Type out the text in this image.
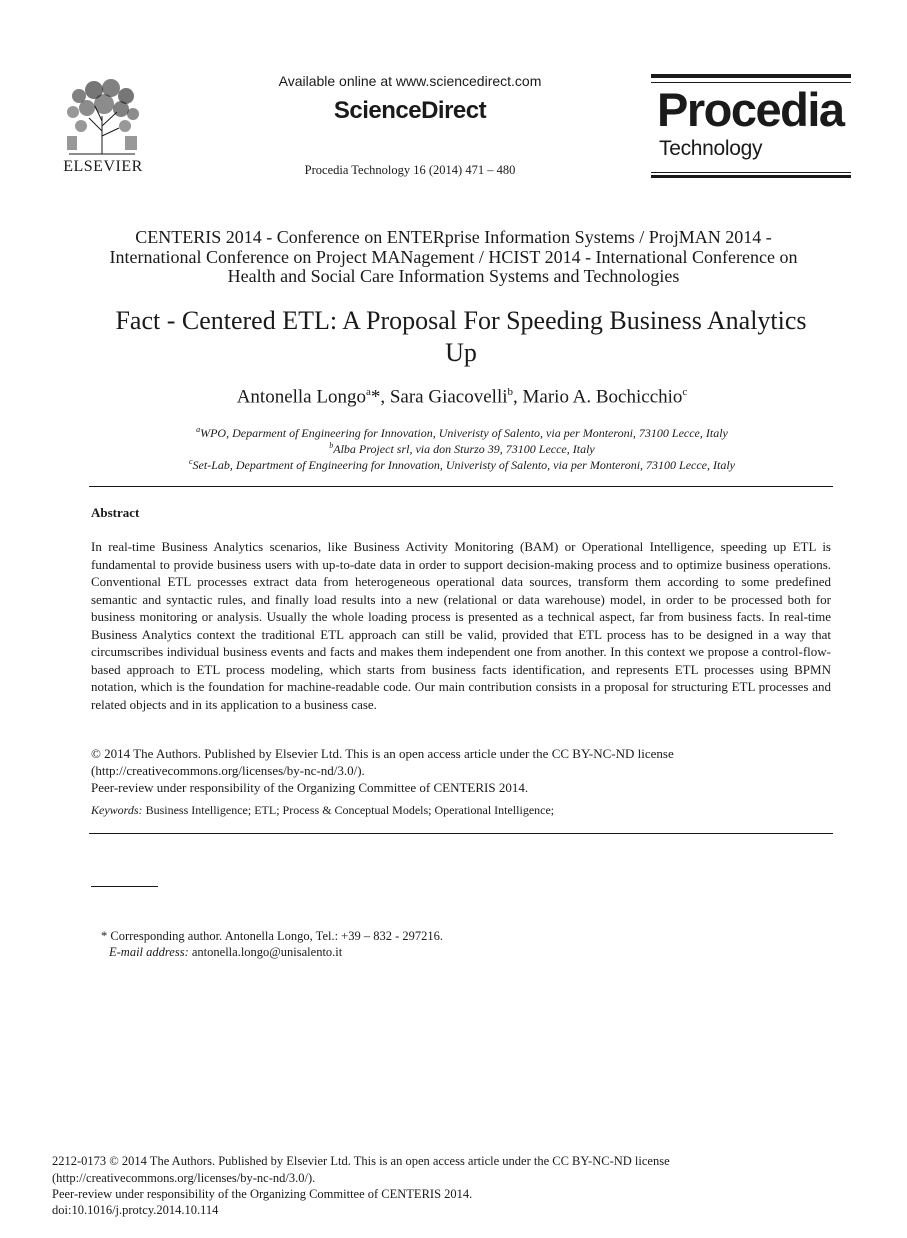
ELSEVIER
Available online at www.sciencedirect.com
ScienceDirect
Procedia Technology 16 (2014) 471 – 480
Procedia
Technology
CENTERIS 2014 - Conference on ENTERprise Information Systems / ProjMAN 2014 -
International Conference on Project MANagement / HCIST 2014 - International Conference on
Health and Social Care Information Systems and Technologies
Fact - Centered ETL: A Proposal For Speeding Business Analytics
Up
Antonella Longo$^a$*, Sara Giacovelli$^b$, Mario A. Bochicchio$^c$
$^a$WPO, Deparment of Engineering for Innovation, Univeristy of Salento, via per Monteroni, 73100 Lecce, Italy
$^b$Alba Project srl, via don Sturzo 39, 73100 Lecce, Italy
$^c$Set-Lab, Department of Engineering for Innovation, Univeristy of Salento, via per Monteroni, 73100 Lecce, Italy
Abstract
In real-time Business Analytics scenarios, like Business Activity Monitoring (BAM) or Operational Intelligence, speeding up ETL is fundamental to provide business users with up-to-date data in order to support decision-making process and to optimize business operations. Conventional ETL processes extract data from heterogeneous operational data sources, transform them according to some predefined semantic and syntactic rules, and finally load results into a new (relational or data warehouse) model, in order to be processed both for business monitoring or analysis. Usually the whole loading process is presented as a technical aspect, far from business facts. In real-time Business Analytics context the traditional ETL approach can still be valid, provided that ETL process has to be designed in a way that circumscribes individual business events and facts and makes them independent one from another. In this context we propose a control-flow- based approach to ETL process modeling, which starts from business facts identification, and represents ETL processes using BPMN notation, which is the foundation for machine-readable code. Our main contribution consists in a proposal for structuring ETL processes and related objects and in its application to a business case.
© 2014 The Authors. Published by Elsevier Ltd. This is an open access article under the CC BY-NC-ND license
(http://creativecommons.org/licenses/by-nc-nd/3.0/).
Peer-review under responsibility of the Organizing Committee of CENTERIS 2014.
Keywords: Business Intelligence; ETL; Process & Conceptual Models; Operational Intelligence;
* Corresponding author. Antonella Longo, Tel.: +39 – 832 - 297216.
E-mail address: antonella.longo@unisalento.it
2212-0173 © 2014 The Authors. Published by Elsevier Ltd. This is an open access article under the CC BY-NC-ND license
(http://creativecommons.org/licenses/by-nc-nd/3.0/).
Peer-review under responsibility of the Organizing Committee of CENTERIS 2014.
doi:10.1016/j.protcy.2014.10.114
